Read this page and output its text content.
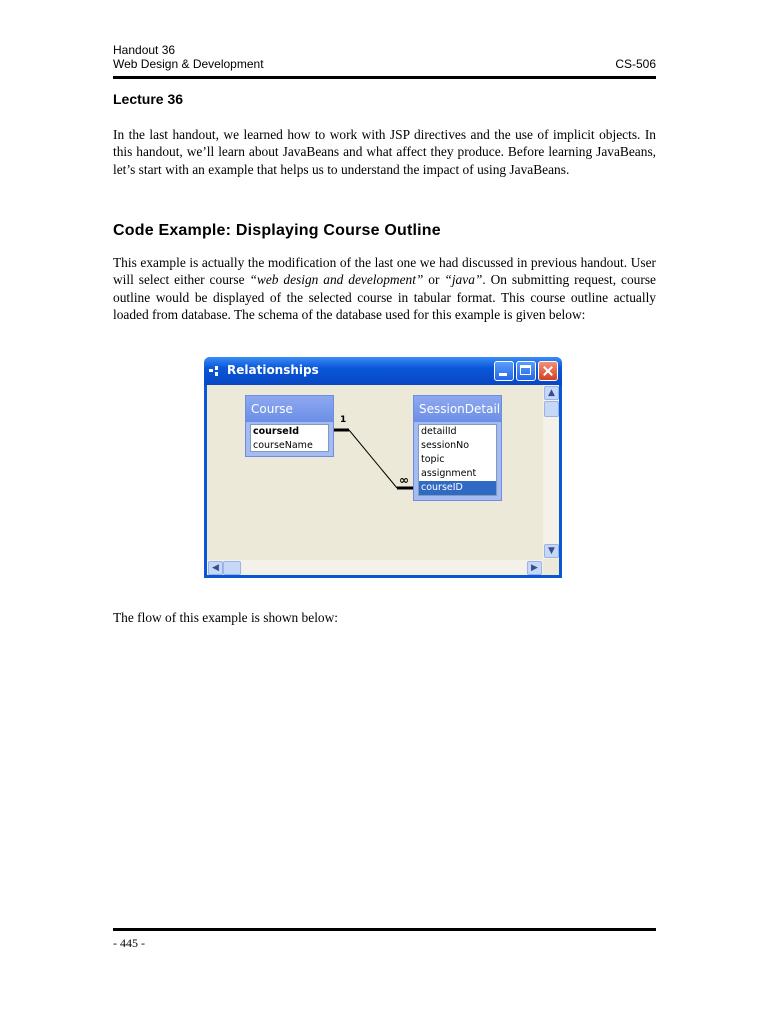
Handout 36
Web Design & Development	CS-506
Lecture 36
In the last handout, we learned how to work with JSP directives and the use of implicit objects. In this handout, we’ll learn about JavaBeans and what affect they produce. Before learning JavaBeans, let’s start with an example that helps us to understand the impact of using JavaBeans.
Code Example: Displaying Course Outline
This example is actually the modification of the last one we had discussed in previous handout. User will select either course “web design and development” or “java”. On submitting request, course outline would be displayed of the selected course in tabular format. This course outline actually loaded from database. The schema of the database used for this example is given below:
Relationships
1
∞
Course
courseId
courseName
SessionDetail
detailId
sessionNo
topic
assignment
courseID
▲
▼
◀	▶
The flow of this example is shown below:
- 445 -
